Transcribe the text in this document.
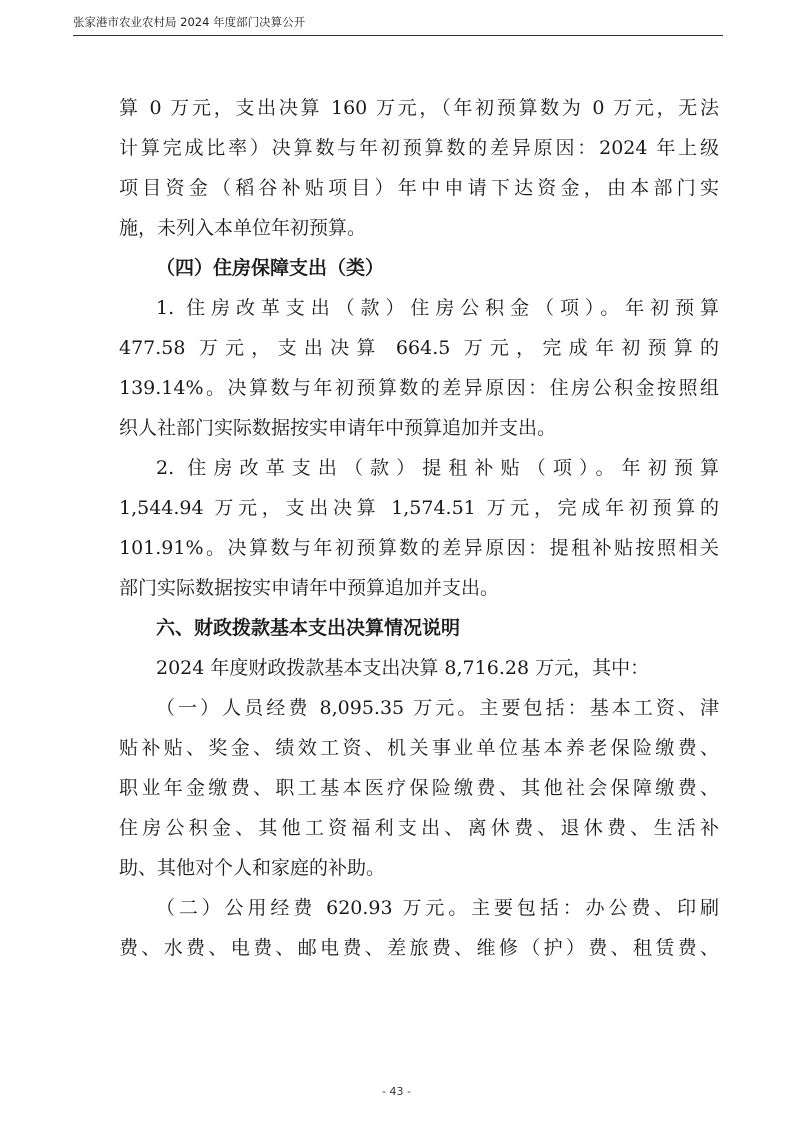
张家港市农业农村局 2024 年度部门决算公开
算 0 万元，支出决算 160 万元，（年初预算数为 0 万元，无法
计算完成比率）决算数与年初预算数的差异原因：2024 年上级
项目资金（稻谷补贴项目）年中申请下达资金，由本部门实
施，未列入本单位年初预算。
（四）住房保障支出（类）
1. 住房改革支出（款）住房公积金（项）。年初预算
477.58 万元，支出决算 664.5 万元，完成年初预算的
139.14%。决算数与年初预算数的差异原因：住房公积金按照组
织人社部门实际数据按实申请年中预算追加并支出。
2. 住房改革支出（款）提租补贴（项）。年初预算
1,544.94 万元，支出决算 1,574.51 万元，完成年初预算的
101.91%。决算数与年初预算数的差异原因：提租补贴按照相关
部门实际数据按实申请年中预算追加并支出。
六、财政拨款基本支出决算情况说明
2024 年度财政拨款基本支出决算 8,716.28 万元，其中：
（一）人员经费 8,095.35 万元。主要包括：基本工资、津
贴补贴、奖金、绩效工资、机关事业单位基本养老保险缴费、
职业年金缴费、职工基本医疗保险缴费、其他社会保障缴费、
住房公积金、其他工资福利支出、离休费、退休费、生活补
助、其他对个人和家庭的补助。
（二）公用经费 620.93 万元。主要包括：办公费、印刷
费、水费、电费、邮电费、差旅费、维修（护）费、租赁费、
- 43 -
